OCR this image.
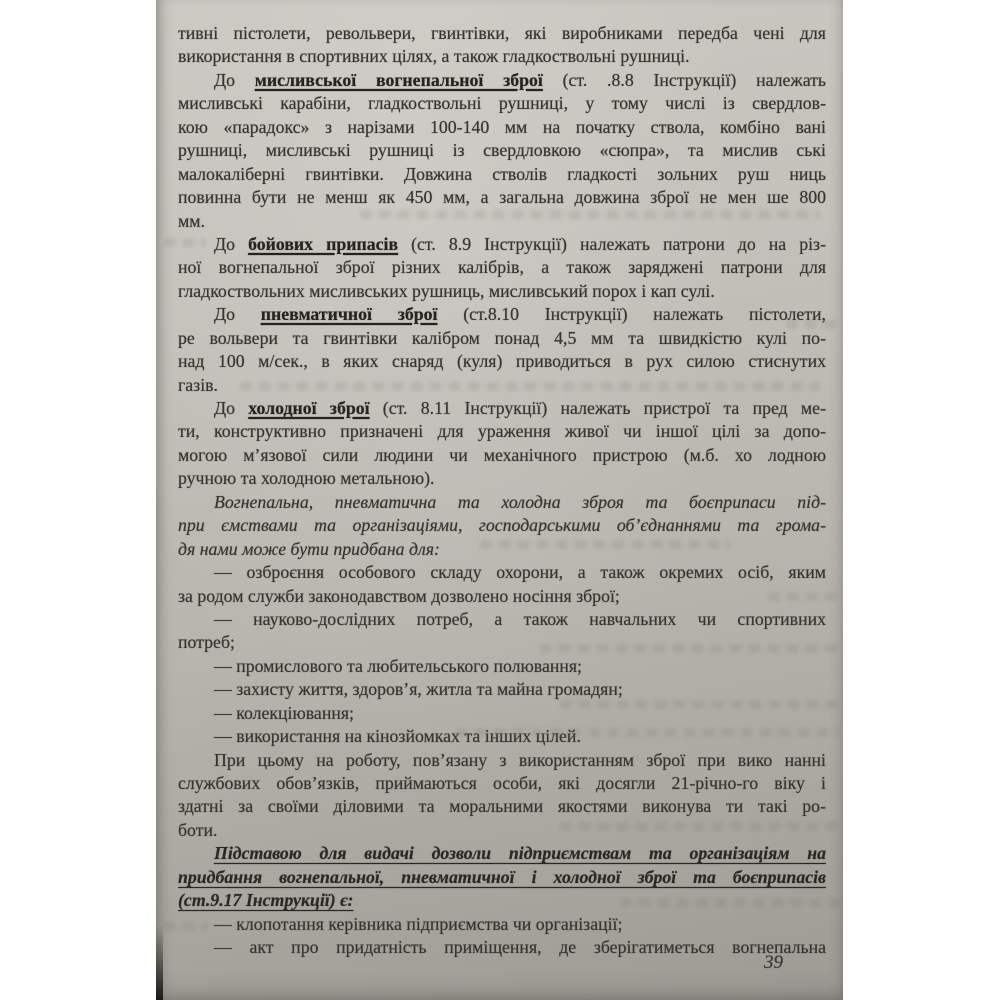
тивні пістолети, револьвери, гвинтівки, які виробниками передба чені для
використання в спортивних цілях, а також гладкоствольні рушниці.
До мисливської вогнепальної зброї (ст. .8.8 Інструкції) належать
мисливські карабіни, гладкоствольні рушниці, у тому числі із свердлов-
кою «парадокс» з нарізами 100-140 мм на початку ствола, комбіно вані
рушниці, мисливські рушниці із свердловкою «сюпра», та мислив ські
малокаліберні гвинтівки. Довжина стволів гладкості зольних руш ниць
повинна бути не менш як 450 мм, а загальна довжина зброї не мен ше 800
мм.
До бойових припасів (ст. 8.9 Інструкції) належать патрони до на різ-
ної вогнепальної зброї різних калібрів, а також заряджені патрони для
гладкоствольних мисливських рушниць, мисливський порох і кап сулі.
До пневматичної зброї (ст.8.10 Інструкції) належать пістолети,
ре вольвери та гвинтівки калібром понад 4,5 мм та швидкістю кулі по-
над 100 м/сек., в яких снаряд (куля) приводиться в рух силою стиснутих
газів.
До холодної зброї (ст. 8.11 Інструкції) належать пристрої та пред ме-
ти, конструктивно призначені для ураження живої чи іншої цілі за допо-
могою м’язової сили людини чи механічного пристрою (м.б. хо лодною
ручною та холодною метальною).
Вогнепальна, пневматична та холодна зброя та боєприпаси під-
при ємствами та організаціями, господарськими об’єднаннями та грома-
дя нами може бути придбана для:
— озброєння особового складу охорони, а також окремих осіб, яким
за родом служби законодавством дозволено носіння зброї;
— науково-дослідних потреб, а також навчальних чи спортивних
потреб;
— промислового та любительського полювання;
— захисту життя, здоров’я, житла та майна громадян;
— колекціювання;
— використання на кінозйомках та інших цілей.
При цьому на роботу, пов’язану з використанням зброї при вико нанні
службових обов’язків, приймаються особи, які досягли 21-річно-го віку і
здатні за своїми діловими та моральними якостями виконува ти такі ро-
боти.
Підставою для видачі дозволи підприємствам та організаціям на
придбання вогнепальної, пневматичної і холодної зброї та боєприпасів
(ст.9.17 Інструкції) є:
— клопотання керівника підприємства чи організації;
— акт про придатність приміщення, де зберігатиметься вогнепальна
39
